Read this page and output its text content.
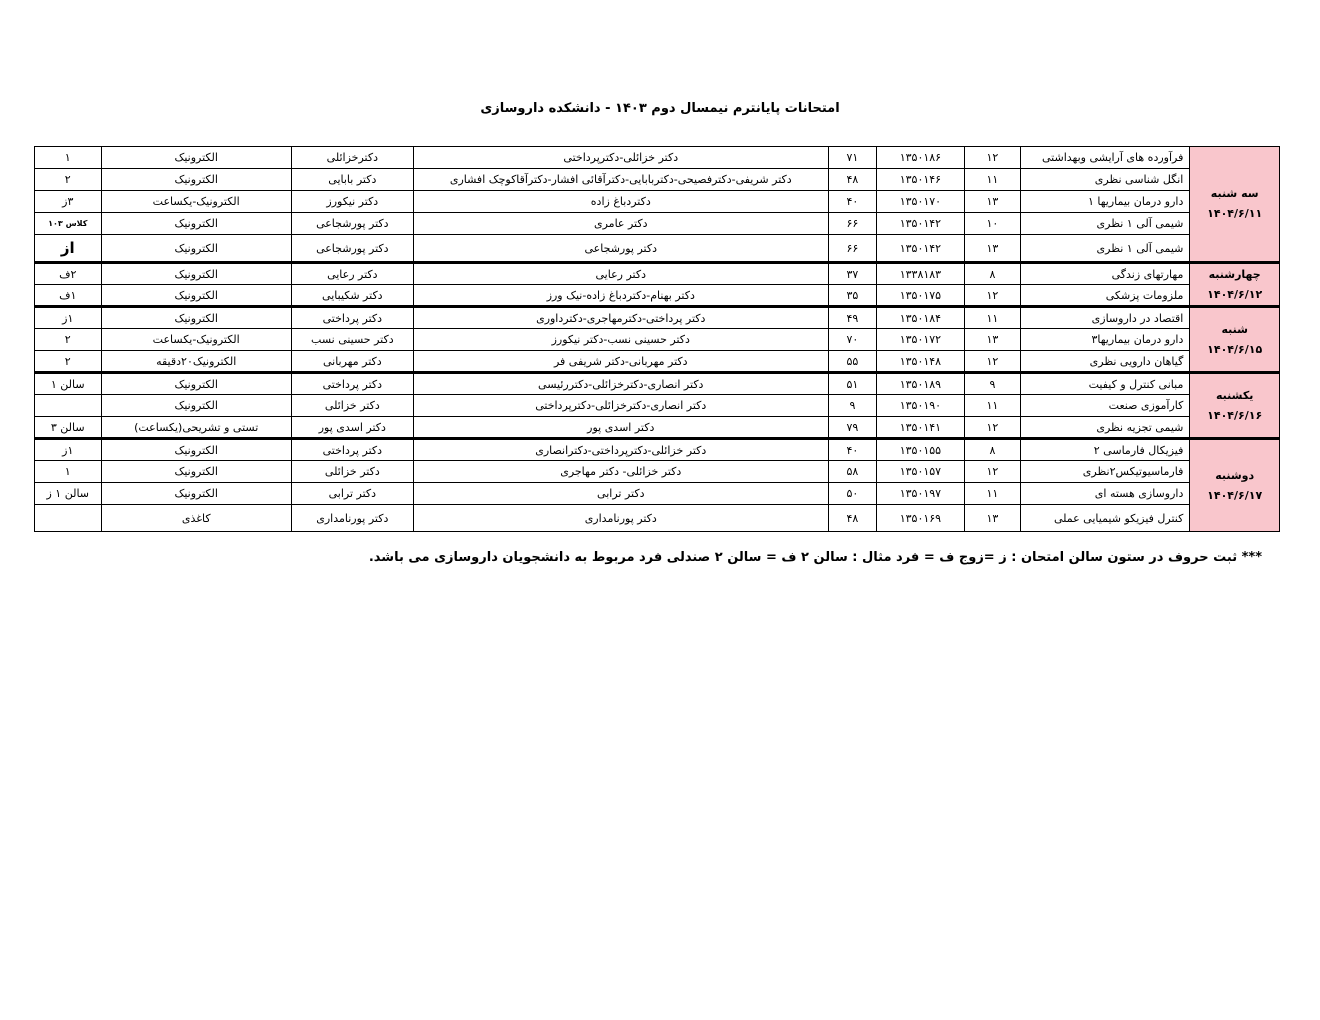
امتحانات پایانترم نیمسال دوم ۱۴۰۳ - دانشکده داروسازی
سه شنبه
۱۴۰۴/۶/۱۱	فرآورده های آرایشی وبهداشتی	۱۲	۱۳۵۰۱۸۶	۷۱	دکتر خزائلی-دکترپرداختی	دکترخزائلی	الکترونیک	۱
	انگل شناسی نظری	۱۱	۱۳۵۰۱۴۶	۴۸	دکتر شریفی-دکترفصیحی-دکتربابایی-دکترآقائی افشار-دکترآقاکوچک افشاری	دکتر بابایی	الکترونیک	۲
	دارو درمان بیماریها ۱	۱۳	۱۳۵۰۱۷۰	۴۰	دکتردباغ زاده	دکتر نیکورز	الکترونیک-یکساعت	۳ز
	شیمی آلی ۱ نظری	۱۰	۱۳۵۰۱۴۲	۶۶	دکتر عامری	دکتر پورشجاعی	الکترونیک	کلاس ۱۰۳
	شیمی آلی ۱ نظری	۱۳	۱۳۵۰۱۴۲	۶۶	دکتر پورشجاعی	دکتر پورشجاعی	الکترونیک	از

چهارشنبه
۱۴۰۴/۶/۱۲	مهارتهای زندگی	۸	۱۳۳۸۱۸۳	۳۷	دکتر رعایی	دکتر رعایی	الکترونیک	۲ف
	ملزومات پزشکی	۱۲	۱۳۵۰۱۷۵	۳۵	دکتر بهنام-دکتردباغ زاده-نیک ورز	دکتر شکیبایی	الکترونیک	۱ف

شنبه
۱۴۰۴/۶/۱۵	اقتصاد در داروسازی	۱۱	۱۳۵۰۱۸۴	۴۹	دکتر پرداختی-دکترمهاجری-دکترداوری	دکتر پرداختی	الکترونیک	۱ز
	دارو درمان بیماریها۳	۱۳	۱۳۵۰۱۷۲	۷۰	دکتر حسینی نسب-دکتر نیکورز	دکتر حسینی نسب	الکترونیک-یکساعت	۲
	گیاهان دارویی نظری	۱۲	۱۳۵۰۱۴۸	۵۵	دکتر مهربانی-دکتر شریفی فر	دکتر مهربانی	الکترونیک۲۰دقیقه	۲

یکشنبه
۱۴۰۴/۶/۱۶	مبانی کنترل و کیفیت	۹	۱۳۵۰۱۸۹	۵۱	دکتر انصاری-دکترخزائلی-دکتررئیسی	دکتر پرداختی	الکترونیک	سالن ۱
	کارآموزی صنعت	۱۱	۱۳۵۰۱۹۰	۹	دکتر انصاری-دکترخزائلی-دکترپرداختی	دکتر خزائلی	الکترونیک	
	شیمی تجزیه نظری	۱۲	۱۳۵۰۱۴۱	۷۹	دکتر اسدی پور	دکتر اسدی پور	تستی و تشریحی(یکساعت)	سالن ۳

دوشنبه
۱۴۰۴/۶/۱۷	فیزیکال فارماسی ۲	۸	۱۳۵۰۱۵۵	۴۰	دکتر خزائلی-دکترپرداختی-دکترانصاری	دکتر پرداختی	الکترونیک	۱ز
	فارماسیوتیکس۲نظری	۱۲	۱۳۵۰۱۵۷	۵۸	دکتر خزائلی- دکتر مهاجری	دکتر خزائلی	الکترونیک	۱
	داروسازی هسته ای	۱۱	۱۳۵۰۱۹۷	۵۰	دکتر ترابی	دکتر ترابی	الکترونیک	سالن ۱ ز
	کنترل فیزیکو شیمیایی عملی	۱۳	۱۳۵۰۱۶۹	۴۸	دکتر پورنامداری	دکتر پورنامداری	کاغذی	
*** ثبت حروف در ستون سالن امتحان : ز =زوج ف = فرد مثال : سالن ۲ ف = سالن ۲ صندلی فرد مربوط به دانشجویان داروسازی می باشد.
